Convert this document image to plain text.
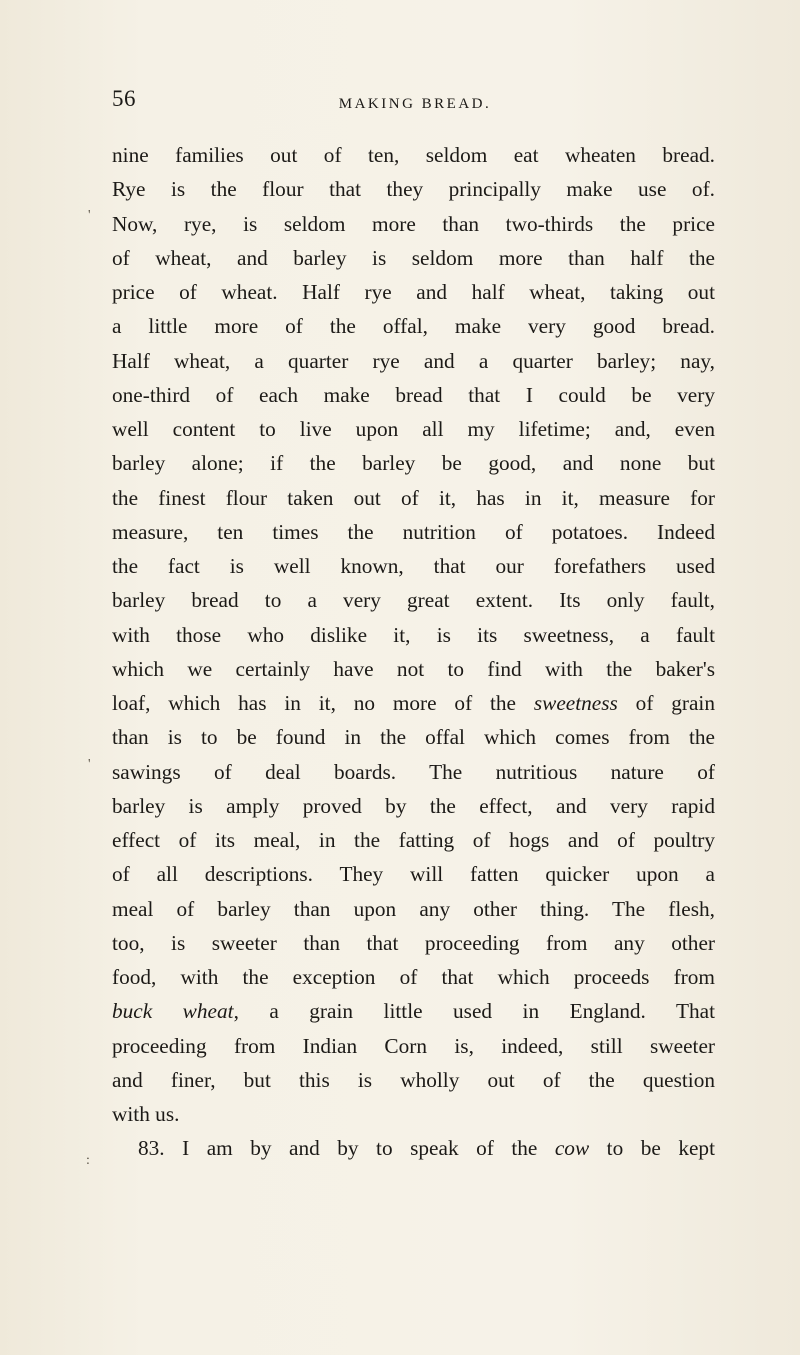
56	MAKING BREAD.
nine families out of ten, seldom eat wheaten bread.
Rye is the flour that they principally make use of.
Now, rye, is seldom more than two-thirds the price
of wheat, and barley is seldom more than half the
price of wheat. Half rye and half wheat, taking out
a little more of the offal, make very good bread.
Half wheat, a quarter rye and a quarter barley; nay,
one-third of each make bread that I could be very
well content to live upon all my lifetime; and, even
barley alone; if the barley be good, and none but
the finest flour taken out of it, has in it, measure for
measure, ten times the nutrition of potatoes. Indeed
the fact is well known, that our forefathers used
barley bread to a very great extent. Its only fault,
with those who dislike it, is its sweetness, a fault
which we certainly have not to find with the baker's
loaf, which has in it, no more of the sweetness of grain
than is to be found in the offal which comes from the
sawings of deal boards. The nutritious nature of
barley is amply proved by the effect, and very rapid
effect of its meal, in the fatting of hogs and of poultry
of all descriptions. They will fatten quicker upon a
meal of barley than upon any other thing. The flesh,
too, is sweeter than that proceeding from any other
food, with the exception of that which proceeds from
buck wheat, a grain little used in England. That
proceeding from Indian Corn is, indeed, still sweeter
and finer, but this is wholly out of the question
with us.
83. I am by and by to speak of the cow to be kept
'
'
:
